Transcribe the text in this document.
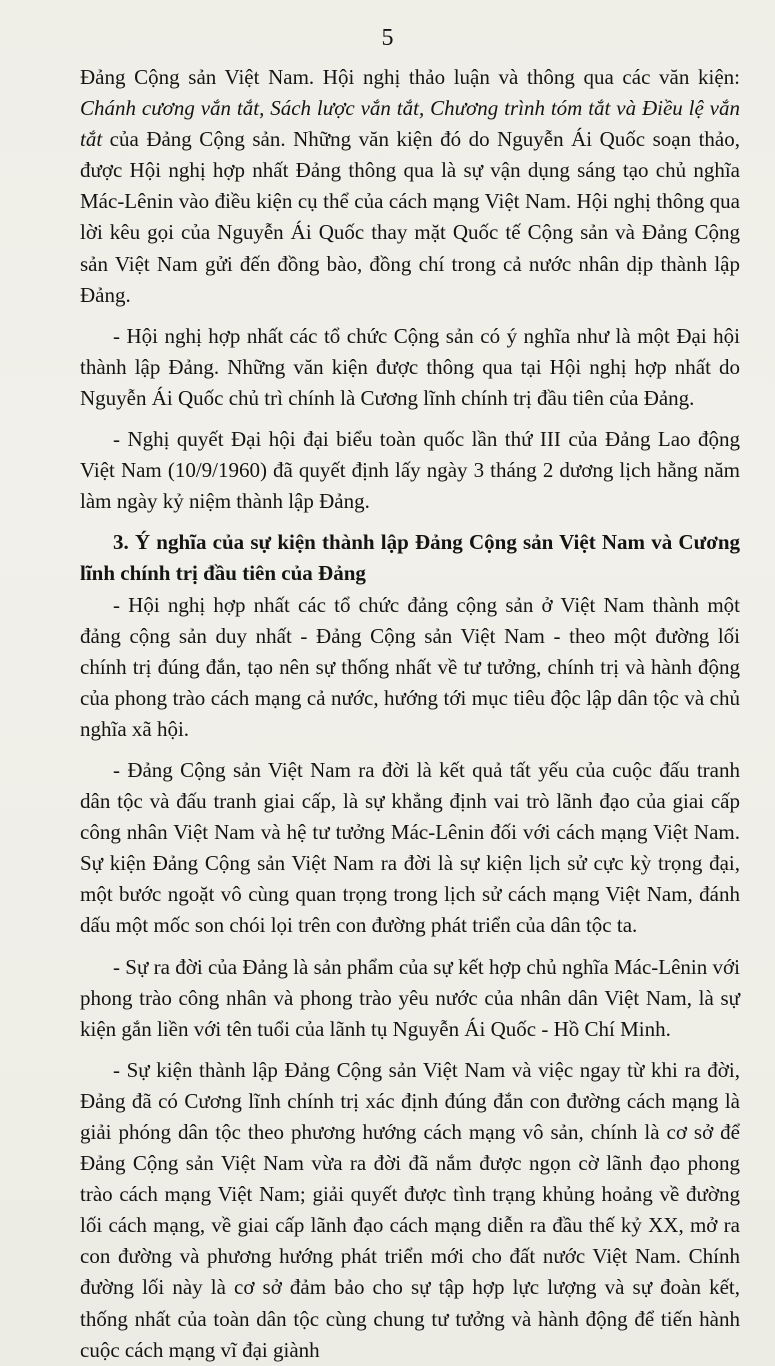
5

Đảng Cộng sản Việt Nam. Hội nghị thảo luận và thông qua các văn kiện: Chánh cương vắn tắt, Sách lược vắn tắt, Chương trình tóm tắt và Điều lệ vắn tắt của Đảng Cộng sản. Những văn kiện đó do Nguyễn Ái Quốc soạn thảo, được Hội nghị hợp nhất Đảng thông qua là sự vận dụng sáng tạo chủ nghĩa Mác-Lênin vào điều kiện cụ thể của cách mạng Việt Nam. Hội nghị thông qua lời kêu gọi của Nguyễn Ái Quốc thay mặt Quốc tế Cộng sản và Đảng Cộng sản Việt Nam gửi đến đồng bào, đồng chí trong cả nước nhân dịp thành lập Đảng.

- Hội nghị hợp nhất các tổ chức Cộng sản có ý nghĩa như là một Đại hội thành lập Đảng. Những văn kiện được thông qua tại Hội nghị hợp nhất do Nguyễn Ái Quốc chủ trì chính là Cương lĩnh chính trị đầu tiên của Đảng.

- Nghị quyết Đại hội đại biểu toàn quốc lần thứ III của Đảng Lao động Việt Nam (10/9/1960) đã quyết định lấy ngày 3 tháng 2 dương lịch hằng năm làm ngày kỷ niệm thành lập Đảng.

3. Ý nghĩa của sự kiện thành lập Đảng Cộng sản Việt Nam và Cương lĩnh chính trị đầu tiên của Đảng

- Hội nghị hợp nhất các tổ chức đảng cộng sản ở Việt Nam thành một đảng cộng sản duy nhất - Đảng Cộng sản Việt Nam - theo một đường lối chính trị đúng đắn, tạo nên sự thống nhất về tư tưởng, chính trị và hành động của phong trào cách mạng cả nước, hướng tới mục tiêu độc lập dân tộc và chủ nghĩa xã hội.

- Đảng Cộng sản Việt Nam ra đời là kết quả tất yếu của cuộc đấu tranh dân tộc và đấu tranh giai cấp, là sự khẳng định vai trò lãnh đạo của giai cấp công nhân Việt Nam và hệ tư tưởng Mác-Lênin đối với cách mạng Việt Nam. Sự kiện Đảng Cộng sản Việt Nam ra đời là sự kiện lịch sử cực kỳ trọng đại, một bước ngoặt vô cùng quan trọng trong lịch sử cách mạng Việt Nam, đánh dấu một mốc son chói lọi trên con đường phát triển của dân tộc ta.

- Sự ra đời của Đảng là sản phẩm của sự kết hợp chủ nghĩa Mác-Lênin với phong trào công nhân và phong trào yêu nước của nhân dân Việt Nam, là sự kiện gắn liền với tên tuổi của lãnh tụ Nguyễn Ái Quốc - Hồ Chí Minh.

- Sự kiện thành lập Đảng Cộng sản Việt Nam và việc ngay từ khi ra đời, Đảng đã có Cương lĩnh chính trị xác định đúng đắn con đường cách mạng là giải phóng dân tộc theo phương hướng cách mạng vô sản, chính là cơ sở để Đảng Cộng sản Việt Nam vừa ra đời đã nắm được ngọn cờ lãnh đạo phong trào cách mạng Việt Nam; giải quyết được tình trạng khủng hoảng về đường lối cách mạng, về giai cấp lãnh đạo cách mạng diễn ra đầu thế kỷ XX, mở ra con đường và phương hướng phát triển mới cho đất nước Việt Nam. Chính đường lối này là cơ sở đảm bảo cho sự tập hợp lực lượng và sự đoàn kết, thống nhất của toàn dân tộc cùng chung tư tưởng và hành động để tiến hành cuộc cách mạng vĩ đại giành
